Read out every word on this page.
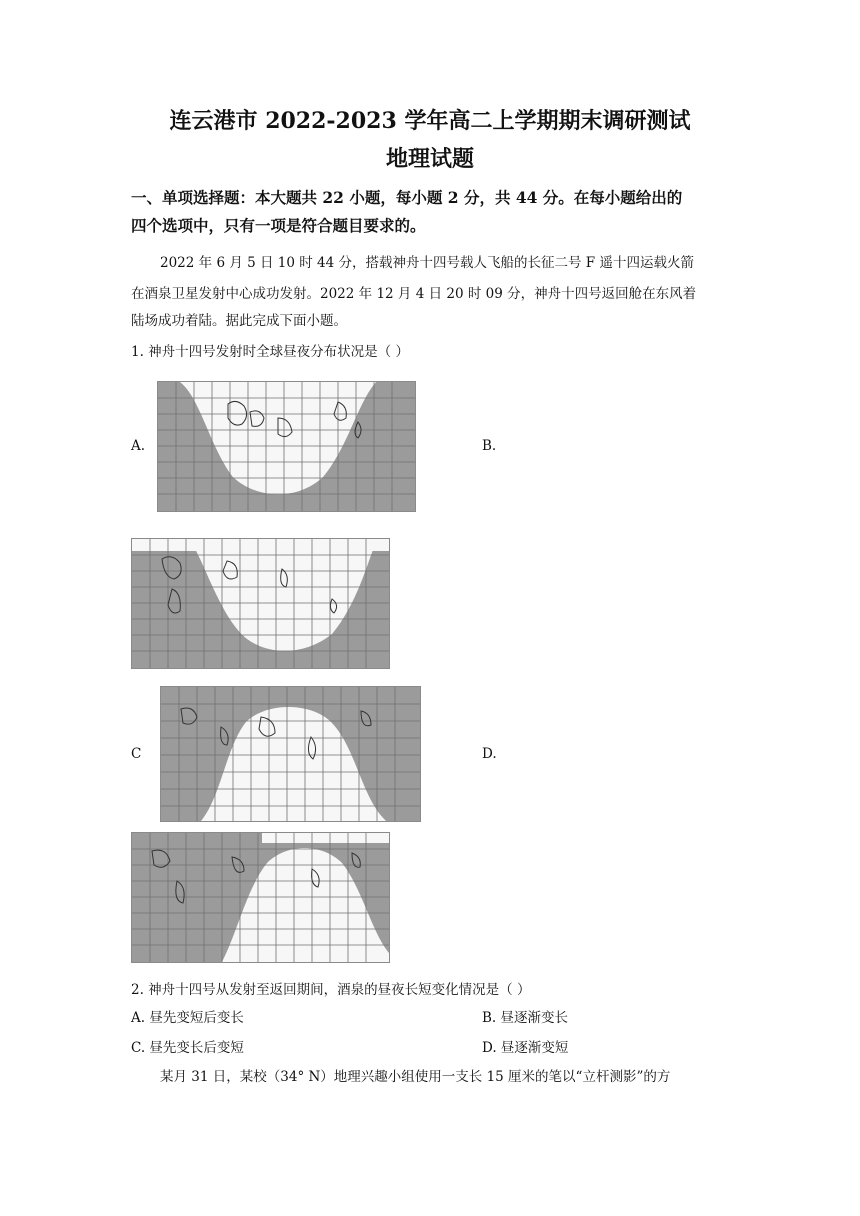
连云港市 2022-2023 学年高二上学期期末调研测试
地理试题
一、单项选择题：本大题共 22 小题，每小题 2 分，共 44 分。在每小题给出的
四个选项中，只有一项是符合题目要求的。
2022 年 6 月 5 日 10 时 44 分，搭载神舟十四号载人飞船的长征二号 F 遥十四运载火箭
在酒泉卫星发射中心成功发射。2022 年 12 月 4 日 20 时 09 分，神舟十四号返回舱在东风着
陆场成功着陆。据此完成下面小题。
1. 神舟十四号发射时全球昼夜分布状况是（ ）
A.	B.
C	D.
2. 神舟十四号从发射至返回期间，酒泉的昼夜长短变化情况是（ ）
A. 昼先变短后变长	B. 昼逐渐变长
C. 昼先变长后变短	D. 昼逐渐变短
某月 31 日，某校（34° N）地理兴趣小组使用一支长 15 厘米的笔以“立杆测影”的方
